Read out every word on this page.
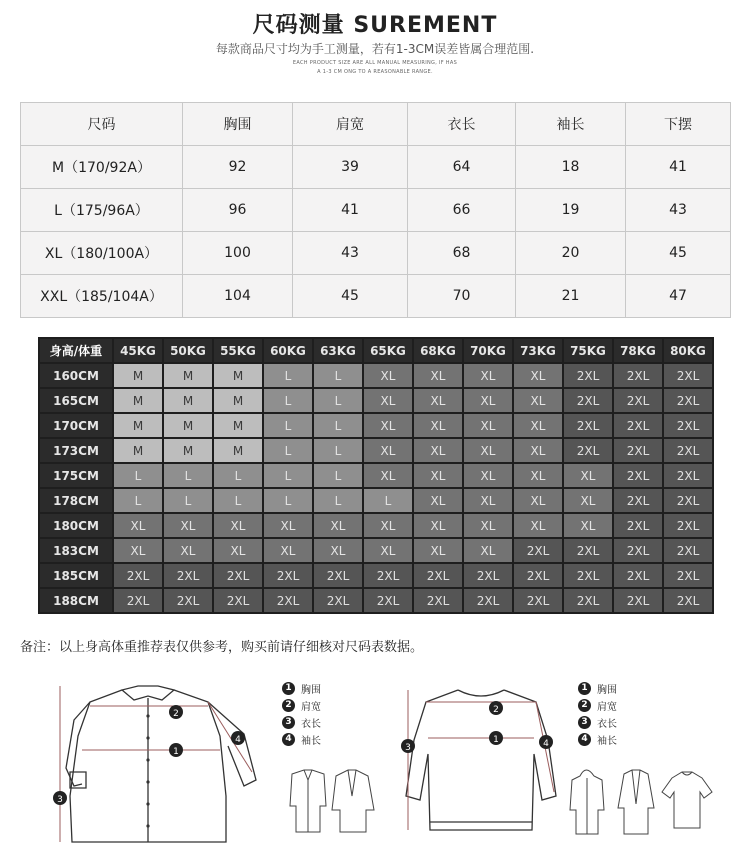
尺码测量 SUREMENT
每款商品尺寸均为手工测量，若有1-3CM误差皆属合理范围.
EACH PRODUCT SIZE ARE ALL MANUAL MEASURING, IF HAS
A 1-3 CM ONG TO A REASONABLE RANGE.
尺码	胸围	肩宽	衣长	袖长	下摆
M（170/92A）	92	39	64	18	41
L（175/96A）	96	41	66	19	43
XL（180/100A）	100	43	68	20	45
XXL（185/104A）	104	45	70	21	47
身高/体重	45KG	50KG	55KG	60KG	63KG	65KG	68KG	70KG	73KG	75KG	78KG	80KG
160CM	M	M	M	L	L	XL	XL	XL	XL	2XL	2XL	2XL
165CM	M	M	M	L	L	XL	XL	XL	XL	2XL	2XL	2XL
170CM	M	M	M	L	L	XL	XL	XL	XL	2XL	2XL	2XL
173CM	M	M	M	L	L	XL	XL	XL	XL	2XL	2XL	2XL
175CM	L	L	L	L	L	XL	XL	XL	XL	XL	2XL	2XL
178CM	L	L	L	L	L	L	XL	XL	XL	XL	2XL	2XL
180CM	XL	XL	XL	XL	XL	XL	XL	XL	XL	XL	2XL	2XL
183CM	XL	XL	XL	XL	XL	XL	XL	XL	2XL	2XL	2XL	2XL
185CM	2XL	2XL	2XL	2XL	2XL	2XL	2XL	2XL	2XL	2XL	2XL	2XL
188CM	2XL	2XL	2XL	2XL	2XL	2XL	2XL	2XL	2XL	2XL	2XL	2XL
备注：以上身高体重推荐表仅供参考，购买前请仔细核对尺码表数据。
1
2
3
4
1 胸围
2 肩宽
3 衣长
4 袖长
2
1
3	4
1 胸围
2 肩宽
3 衣长
4 袖长
